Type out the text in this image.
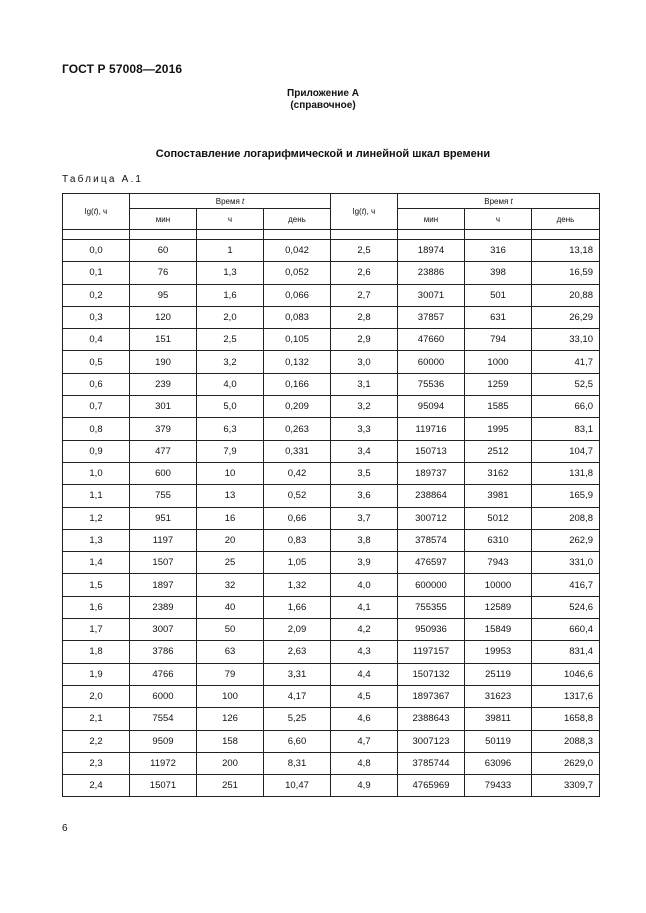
ГОСТ Р 57008—2016
Приложение А
(справочное)
Сопоставление логарифмической и линейной шкал времени
Таблица А.1
lg(t), ч	Время t			lg(t), ч	Время t		
	мин	ч	день		мин	ч	день

0,0	60	1	0,042	2,5	18974	316	13,18
0,1	76	1,3	0,052	2,6	23886	398	16,59
0,2	95	1,6	0,066	2,7	30071	501	20,88
0,3	120	2,0	0,083	2,8	37857	631	26,29
0,4	151	2,5	0,105	2,9	47660	794	33,10
0,5	190	3,2	0,132	3,0	60000	1000	41,7
0,6	239	4,0	0,166	3,1	75536	1259	52,5
0,7	301	5,0	0,209	3,2	95094	1585	66,0
0,8	379	6,3	0,263	3,3	119716	1995	83,1
0,9	477	7,9	0,331	3,4	150713	2512	104,7
1,0	600	10	0,42	3,5	189737	3162	131,8
1,1	755	13	0,52	3,6	238864	3981	165,9
1,2	951	16	0,66	3,7	300712	5012	208,8
1,3	1197	20	0,83	3,8	378574	6310	262,9
1,4	1507	25	1,05	3,9	476597	7943	331,0
1,5	1897	32	1,32	4,0	600000	10000	416,7
1,6	2389	40	1,66	4,1	755355	12589	524,6
1,7	3007	50	2,09	4,2	950936	15849	660,4
1,8	3786	63	2,63	4,3	1197157	19953	831,4
1,9	4766	79	3,31	4,4	1507132	25119	1046,6
2,0	6000	100	4,17	4,5	1897367	31623	1317,6
2,1	7554	126	5,25	4,6	2388643	39811	1658,8
2,2	9509	158	6,60	4,7	3007123	50119	2088,3
2,3	11972	200	8,31	4,8	3785744	63096	2629,0
2,4	15071	251	10,47	4,9	4765969	79433	3309,7
6
